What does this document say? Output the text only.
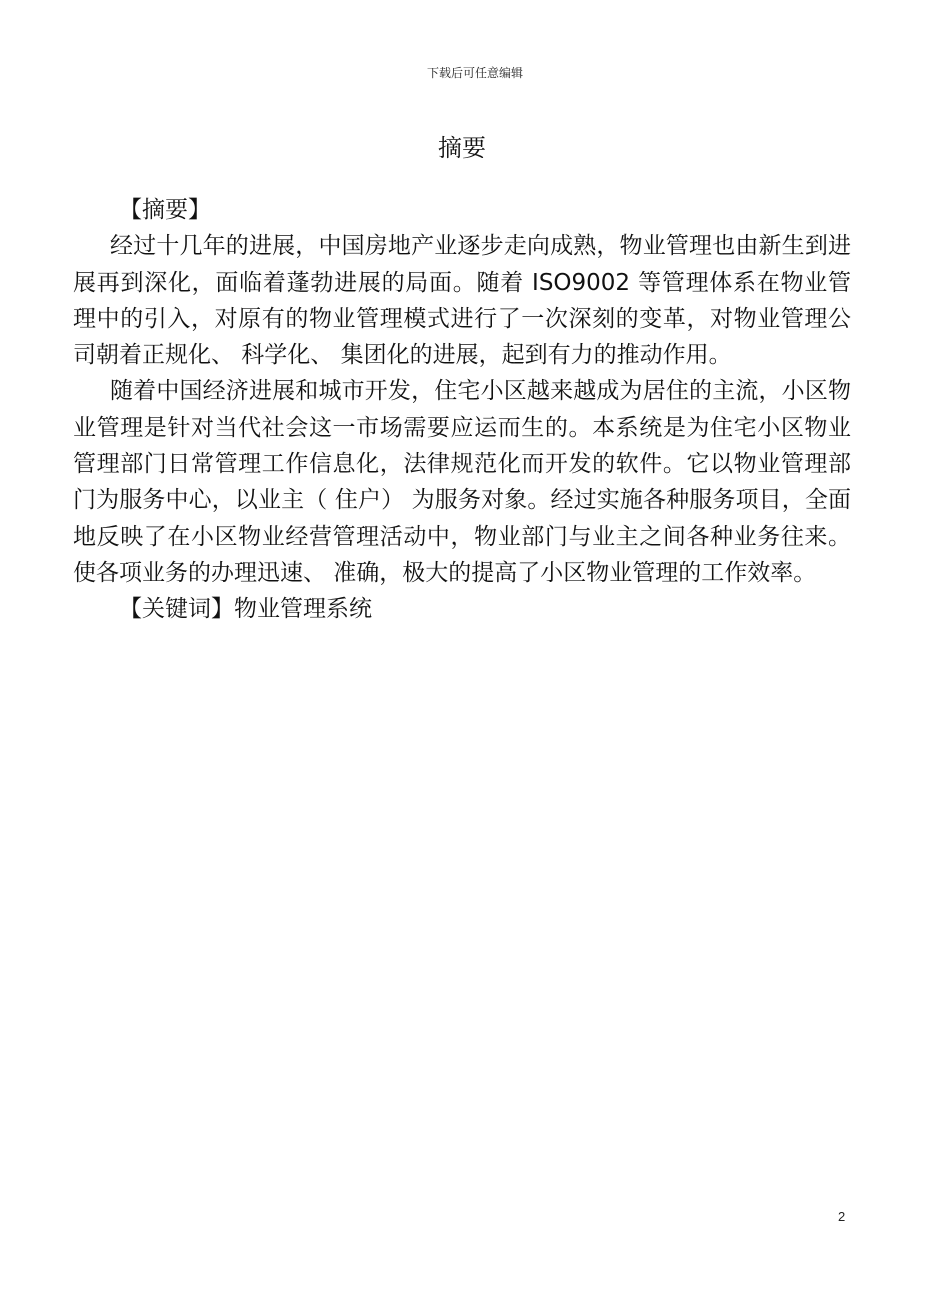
下载后可任意编辑
摘要

【摘要】

经过十几年的进展，中国房地产业逐步走向成熟，物业管理也由新生到进展再到深化，面临着蓬勃进展的局面。随着 ISO9002 等管理体系在物业管理中的引入，对原有的物业管理模式进行了一次深刻的变革，对物业管理公司朝着正规化、 科学化、 集团化的进展，起到有力的推动作用。

随着中国经济进展和城市开发，住宅小区越来越成为居住的主流，小区物业管理是针对当代社会这一市场需要应运而生的。本系统是为住宅小区物业管理部门日常管理工作信息化，法律规范化而开发的软件。它以物业管理部门为服务中心，以业主（ 住户） 为服务对象。经过实施各种服务项目，全面地反映了在小区物业经营管理活动中，物业部门与业主之间各种业务往来。使各项业务的办理迅速、 准确，极大的提高了小区物业管理的工作效率。

【关键词】物业管理系统

2
